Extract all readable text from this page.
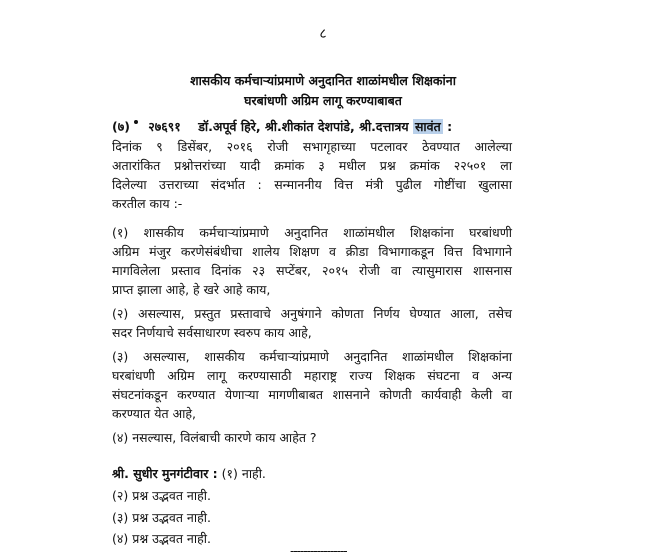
८
शासकीय कर्मचाऱ्यांप्रमाणे अनुदानित शाळांमधील शिक्षकांना
घरबांधणी अग्रिम लागू करण्याबाबत
(७) २७६९१ डॉ.अपूर्व हिरे, श्री.शीकांत देशपांडे, श्री.दत्तात्रय सावंत :
दिनांक ९ डिसेंबर, २०१६ रोजी सभागृहाच्या पटलावर ठेवण्यात आलेल्या
अतारांकित प्रश्नोत्तरांच्या यादी क्रमांक ३ मधील प्रश्न क्रमांक २२५०१ ला
दिलेल्या उत्तराच्या संदर्भात : सन्माननीय वित्त मंत्री पुढील गोष्टींचा खुलासा
करतील काय :-
(१) शासकीय कर्मचाऱ्यांप्रमाणे अनुदानित शाळांमधील शिक्षकांना घरबांधणी
अग्रिम मंजुर करणेसंबंधीचा शालेय शिक्षण व क्रीडा विभागाकडून वित्त विभागाने
मागविलेला प्रस्ताव दिनांक २३ सप्टेंबर, २०१५ रोजी वा त्यासुमारास शासनास
प्राप्त झाला आहे, हे खरे आहे काय,
(२) असल्यास, प्रस्तुत प्रस्तावाचे अनुषंगाने कोणता निर्णय घेण्यात आला, तसेच
सदर निर्णयाचे सर्वसाधारण स्वरुप काय आहे,
(३) असल्यास, शासकीय कर्मचाऱ्यांप्रमाणे अनुदानित शाळांमधील शिक्षकांना
घरबांधणी अग्रिम लागू करण्यासाठी महाराष्ट्र राज्य शिक्षक संघटना व अन्य
संघटनांकडून करण्यात येणाऱ्या मागणीबाबत शासनाने कोणती कार्यवाही केली वा
करण्यात येत आहे,
(४) नसल्यास, विलंबाची कारणे काय आहेत ?
श्री. सुधीर मुनगंटीवार : (१) नाही.
(२) प्रश्न उद्भवत नाही.
(३) प्रश्न उद्भवत नाही.
(४) प्रश्न उद्भवत नाही.
-----------------
